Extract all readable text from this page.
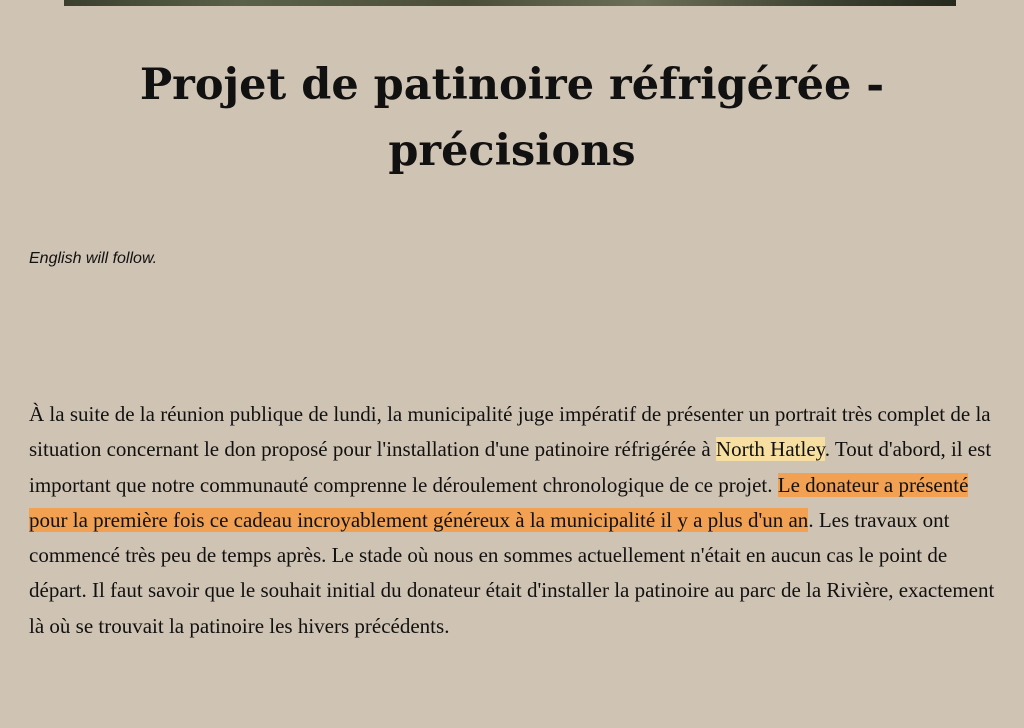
Projet de patinoire réfrigérée -
précisions

English will follow.

À la suite de la réunion publique de lundi, la municipalité juge impératif de présenter un portrait très complet de la situation concernant le don proposé pour l'installation d'une patinoire réfrigérée à North Hatley. Tout d'abord, il est important que notre communauté comprenne le déroulement chronologique de ce projet. Le donateur a présenté pour la première fois ce cadeau incroyablement généreux à la municipalité il y a plus d'un an. Les travaux ont commencé très peu de temps après. Le stade où nous en sommes actuellement n'était en aucun cas le point de départ. Il faut savoir que le souhait initial du donateur était d'installer la patinoire au parc de la Rivière, exactement là où se trouvait la patinoire les hivers précédents.
